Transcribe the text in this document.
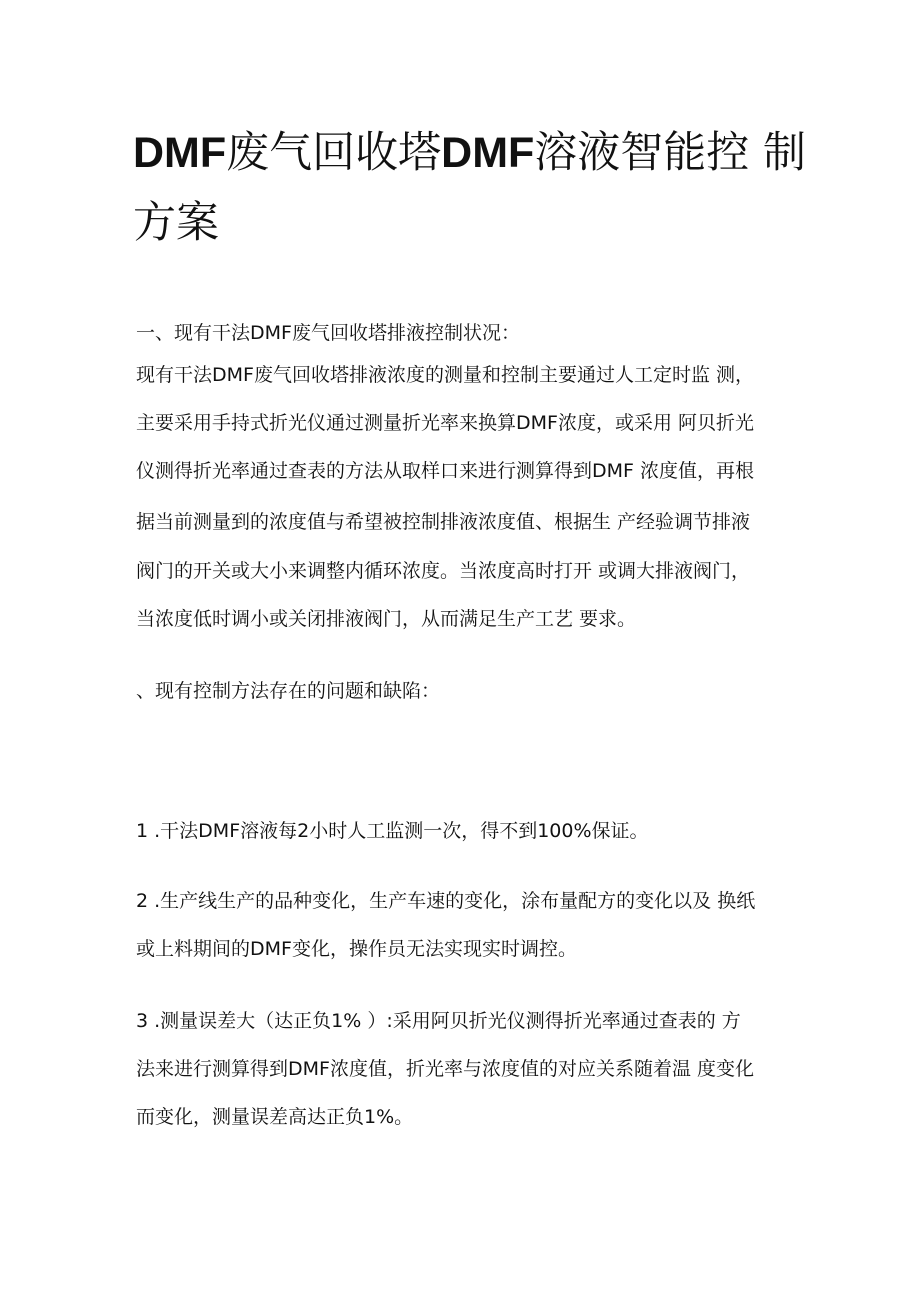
DMF废气回收塔DMF溶液智能控 制
方案

一、现有干法DMF废气回收塔排液控制状况：

现有干法DMF废气回收塔排液浓度的测量和控制主要通过人工定时监 测，

主要采用手持式折光仪通过测量折光率来换算DMF浓度，或采用 阿贝折光

仪测得折光率通过查表的方法从取样口来进行测算得到DMF 浓度值，再根

据当前测量到的浓度值与希望被控制排液浓度值、根据生 产经验调节排液

阀门的开关或大小来调整内循环浓度。当浓度高时打开 或调大排液阀门，

当浓度低时调小或关闭排液阀门，从而满足生产工艺 要求。

、现有控制方法存在的问题和缺陷：

1 .干法DMF溶液每2小时人工监测一次，得不到100%保证。

2 .生产线生产的品种变化，生产车速的变化，涂布量配方的变化以及 换纸

或上料期间的DMF变化，操作员无法实现实时调控。

3 .测量误差大（达正负1% ）:采用阿贝折光仪测得折光率通过查表的 方

法来进行测算得到DMF浓度值，折光率与浓度值的对应关系随着温 度变化

而变化，测量误差高达正负1%。
